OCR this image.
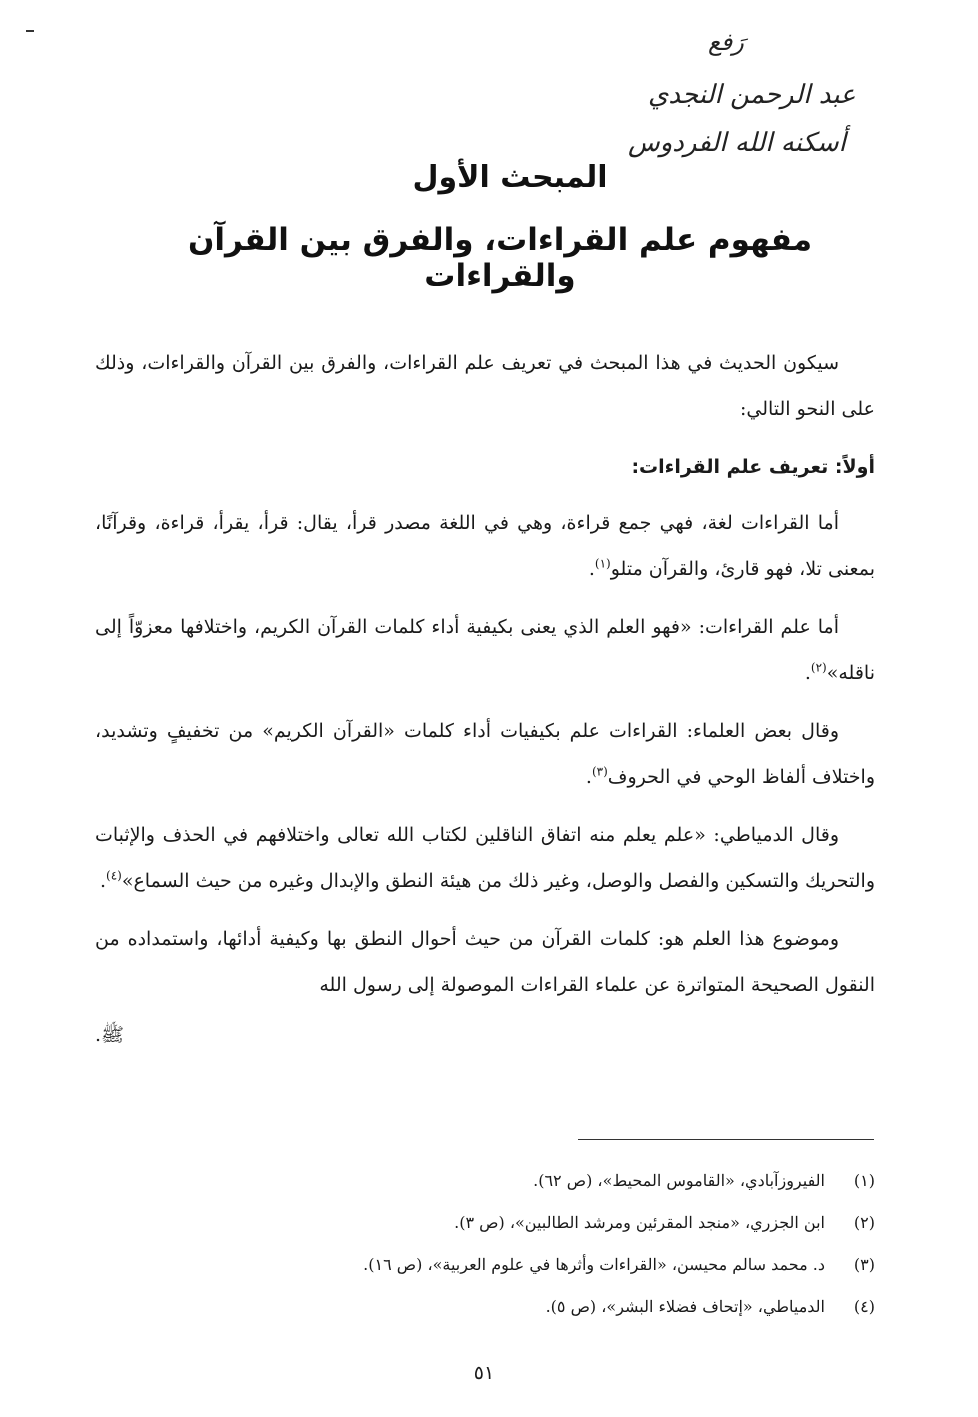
رَفع
عبد الرحمن النجدي
أسكنه الله الفردوس
المبحث الأول
مفهوم علم القراءات، والفرق بين القرآن والقراءات

سيكون الحديث في هذا المبحث في تعريف علم القراءات، والفرق بين القرآن والقراءات، وذلك على النحو التالي:

أولاً: تعريف علم القراءات:

أما القراءات لغة، فهي جمع قراءة، وهي في اللغة مصدر قرأ، يقال: قرأ، يقرأ، قراءة، وقرآنًا، بمعنى تلا، فهو قارئ، والقرآن متلو$^{(١)}$.

أما علم القراءات: «فهو العلم الذي يعنى بكيفية أداء كلمات القرآن الكريم، واختلافها معزوّاً إلى ناقله»$^{(٢)}$.

وقال بعض العلماء: القراءات علم بكيفيات أداء كلمات «القرآن الكريم» من تخفيفٍ وتشديد، واختلاف ألفاظ الوحي في الحروف$^{(٣)}$.

وقال الدمياطي: «علم يعلم منه اتفاق الناقلين لكتاب الله تعالى واختلافهم في الحذف والإثبات والتحريك والتسكين والفصل والوصل، وغير ذلك من هيئة النطق والإبدال وغيره من حيث السماع»$^{(٤)}$.

وموضوع هذا العلم هو: كلمات القرآن من حيث أحوال النطق بها وكيفية أدائها، واستمداده من النقول الصحيحة المتواترة عن علماء القراءات الموصولة إلى رسول الله

ﷺ.

(١)الفيروزآبادي، «القاموس المحيط»، (ص ٦٢).
(٢)ابن الجزري، «منجد المقرئين ومرشد الطالبين»، (ص ٣).
(٣)د. محمد سالم محيسن، «القراءات وأثرها في علوم العربية»، (ص ١٦).
(٤)الدمياطي، «إتحاف فضلاء البشر»، (ص ٥).
٥١
